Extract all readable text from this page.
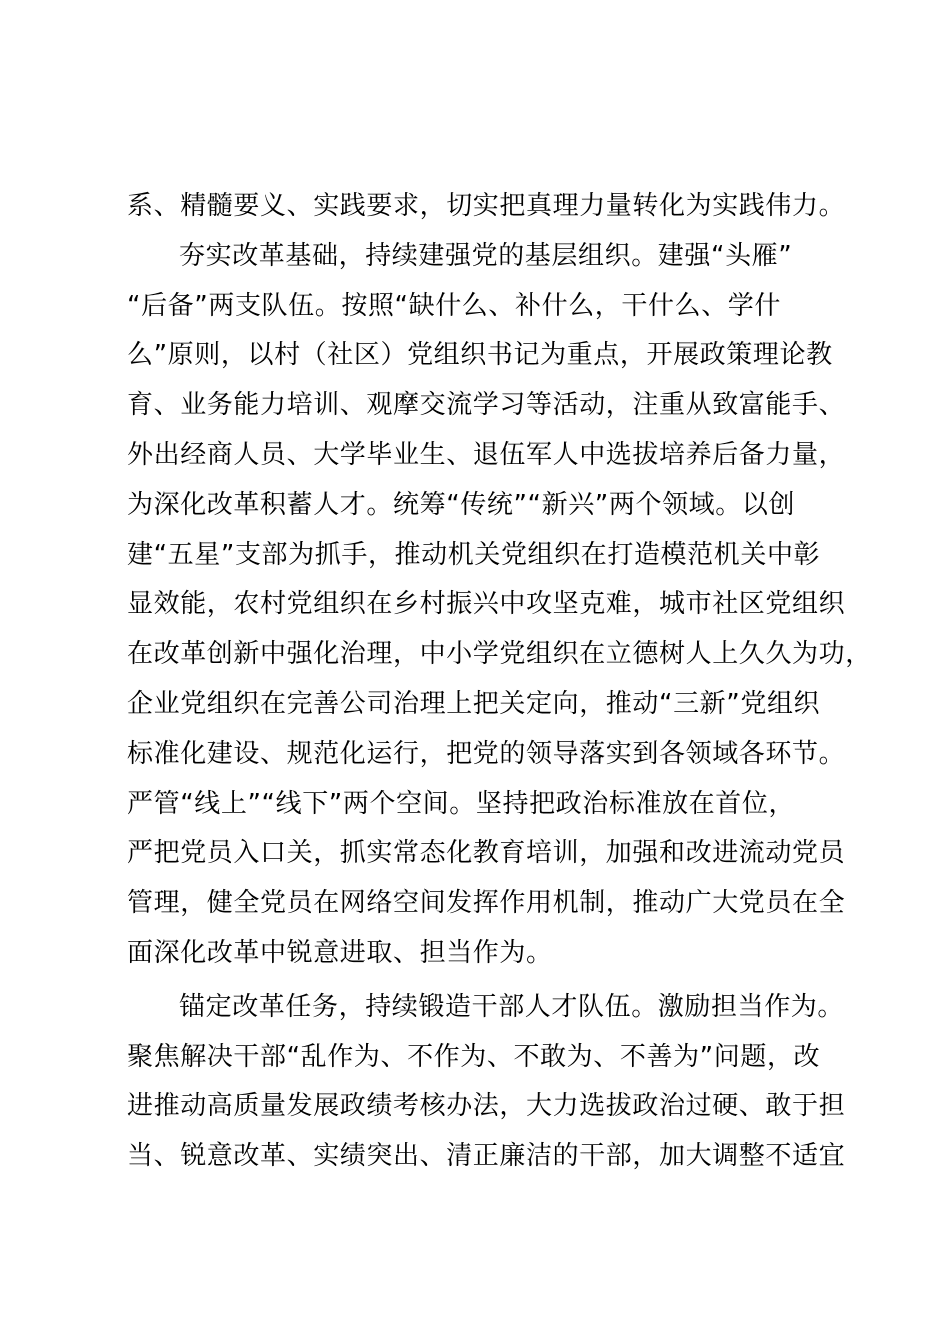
系、精髓要义、实践要求，切实把真理力量转化为实践伟力。
夯实改革基础，持续建强党的基层组织。建强“头雁”
“后备”两支队伍。按照“缺什么、补什么，干什么、学什
么”原则，以村（社区）党组织书记为重点，开展政策理论教
育、业务能力培训、观摩交流学习等活动，注重从致富能手、
外出经商人员、大学毕业生、退伍军人中选拔培养后备力量，
为深化改革积蓄人才。统筹“传统”“新兴”两个领域。以创
建“五星”支部为抓手，推动机关党组织在打造模范机关中彰
显效能，农村党组织在乡村振兴中攻坚克难，城市社区党组织
在改革创新中强化治理，中小学党组织在立德树人上久久为功，
企业党组织在完善公司治理上把关定向，推动“三新”党组织
标准化建设、规范化运行，把党的领导落实到各领域各环节。
严管“线上”“线下”两个空间。坚持把政治标准放在首位，
严把党员入口关，抓实常态化教育培训，加强和改进流动党员
管理，健全党员在网络空间发挥作用机制，推动广大党员在全
面深化改革中锐意进取、担当作为。
锚定改革任务，持续锻造干部人才队伍。激励担当作为。
聚焦解决干部“乱作为、不作为、不敢为、不善为”问题，改
进推动高质量发展政绩考核办法，大力选拔政治过硬、敢于担
当、锐意改革、实绩突出、清正廉洁的干部，加大调整不适宜
